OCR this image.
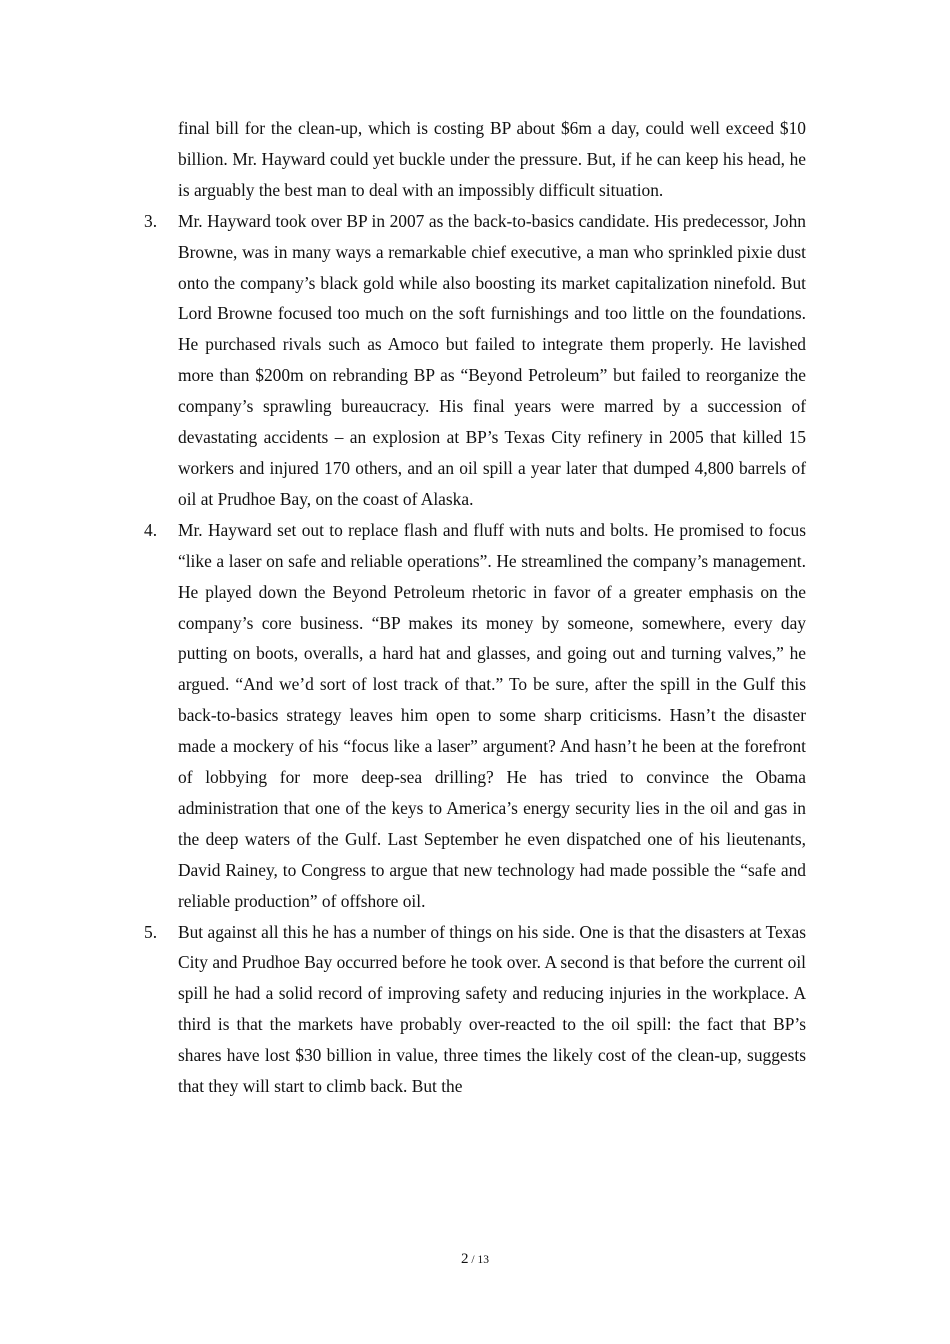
final bill for the clean-up, which is costing BP about $6m a day, could well exceed $10 billion. Mr. Hayward could yet buckle under the pressure. But, if he can keep his head, he is arguably the best man to deal with an impossibly difficult situation.

3. Mr. Hayward took over BP in 2007 as the back-to-basics candidate. His predecessor, John Browne, was in many ways a remarkable chief executive, a man who sprinkled pixie dust onto the company’s black gold while also boosting its market capitalization ninefold. But Lord Browne focused too much on the soft furnishings and too little on the foundations. He purchased rivals such as Amoco but failed to integrate them properly. He lavished more than $200m on rebranding BP as “Beyond Petroleum” but failed to reorganize the company’s sprawling bureaucracy. His final years were marred by a succession of devastating accidents – an explosion at BP’s Texas City refinery in 2005 that killed 15 workers and injured 170 others, and an oil spill a year later that dumped 4,800 barrels of oil at Prudhoe Bay, on the coast of Alaska.

4. Mr. Hayward set out to replace flash and fluff with nuts and bolts. He promised to focus “like a laser on safe and reliable operations”. He streamlined the company’s management. He played down the Beyond Petroleum rhetoric in favor of a greater emphasis on the company’s core business. “BP makes its money by someone, somewhere, every day putting on boots, overalls, a hard hat and glasses, and going out and turning valves,” he argued. “And we’d sort of lost track of that.” To be sure, after the spill in the Gulf this back-to-basics strategy leaves him open to some sharp criticisms. Hasn’t the disaster made a mockery of his “focus like a laser” argument? And hasn’t he been at the forefront of lobbying for more deep-sea drilling? He has tried to convince the Obama administration that one of the keys to America’s energy security lies in the oil and gas in the deep waters of the Gulf. Last September he even dispatched one of his lieutenants, David Rainey, to Congress to argue that new technology had made possible the “safe and reliable production” of offshore oil.

5. But against all this he has a number of things on his side. One is that the disasters at Texas City and Prudhoe Bay occurred before he took over. A second is that before the current oil spill he had a solid record of improving safety and reducing injuries in the workplace. A third is that the markets have probably over-reacted to the oil spill: the fact that BP’s shares have lost $30 billion in value, three times the likely cost of the clean-up, suggests that they will start to climb back. But the

2 / 13
